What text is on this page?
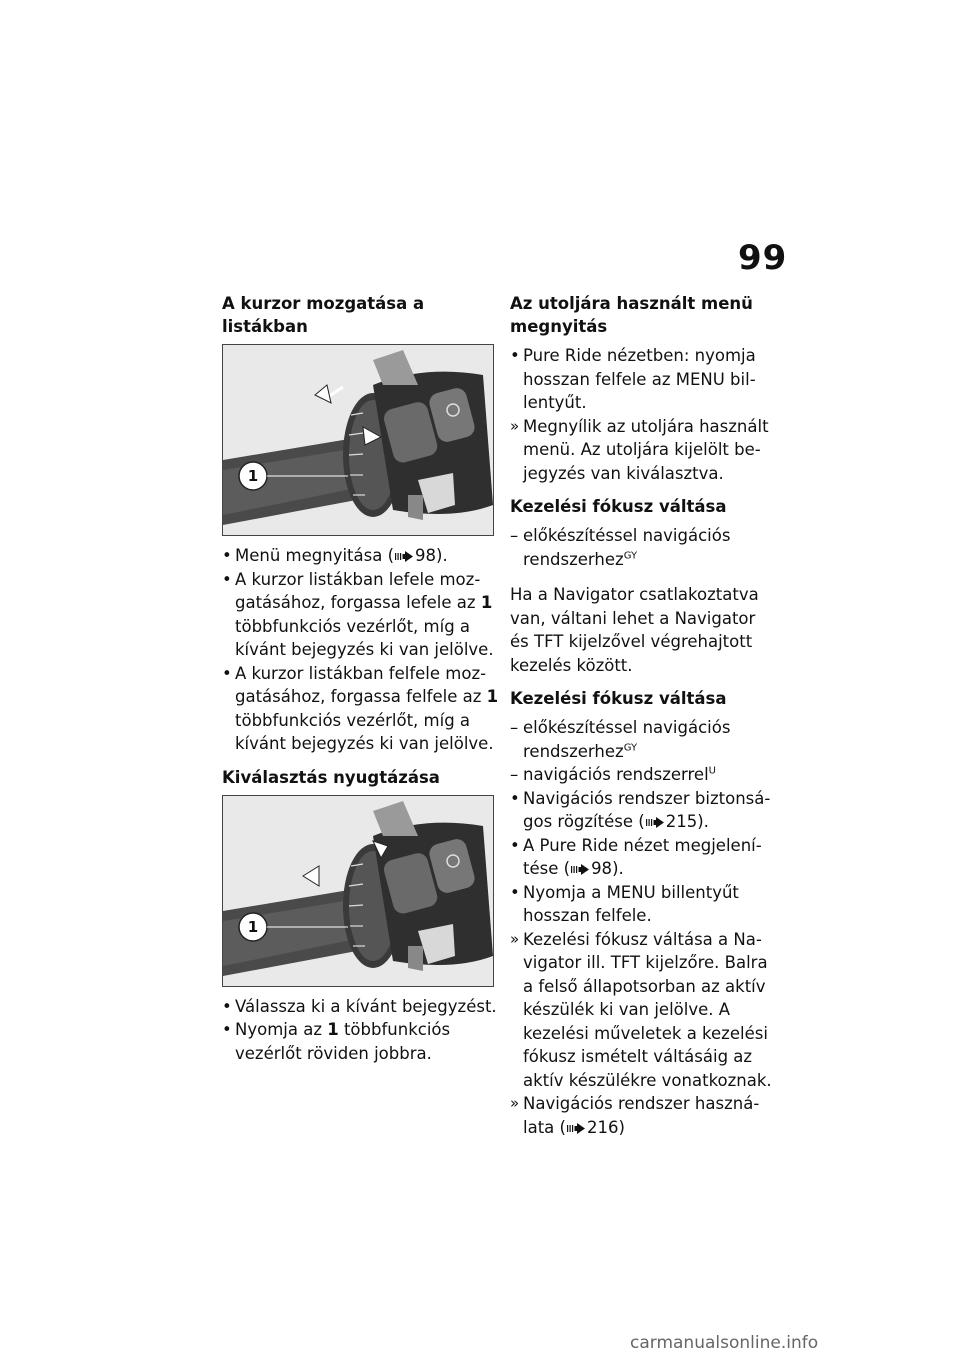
99
A kurzor mozgatása a listákban
1

• Menü megnyitása ( 98).

• A kurzor listákban lefele mozgatásához, forgassa lefele az 1 többfunkciós vezérlőt, míg a kívánt bejegyzés ki van jelölve.

• A kurzor listákban felfele mozgatásához, forgassa felfele az 1 többfunkciós vezérlőt, míg a kívánt bejegyzés ki van jelölve.

Kiválasztás nyugtázása
1

• Válassza ki a kívánt bejegyzést.

• Nyomja az 1 többfunkciós vezérlőt röviden jobbra.

Az utoljára használt menü megnyitás

• Pure Ride nézetben: nyomja hosszan felfele az MENU billentyűt.

» Megnyílik az utoljára használt menü. Az utoljára kijelölt bejegyzés van kiválasztva.

Kezelési fókusz váltása

– előkészítéssel navigációs rendszerhez$^{GY}$

Ha a Navigator csatlakoztatva van, váltani lehet a Navigator és TFT kijelzővel végrehajtott kezelés között.

Kezelési fókusz váltása

– előkészítéssel navigációs rendszerhez$^{GY}$

– navigációs rendszerrel$^U$

• Navigációs rendszer biztonságos rögzítése ( 215).

• A Pure Ride nézet megjelenítése ( 98).

• Nyomja a MENU billentyűt hosszan felfele.

» Kezelési fókusz váltása a Navigator ill. TFT kijelzőre. Balra a felső állapotsorban az aktív készülék ki van jelölve. A kezelési műveletek a kezelési fókusz ismételt váltásáig az aktív készülékre vonatkoznak.

» Navigációs rendszer használata ( 216)

carmanualsonline.info
